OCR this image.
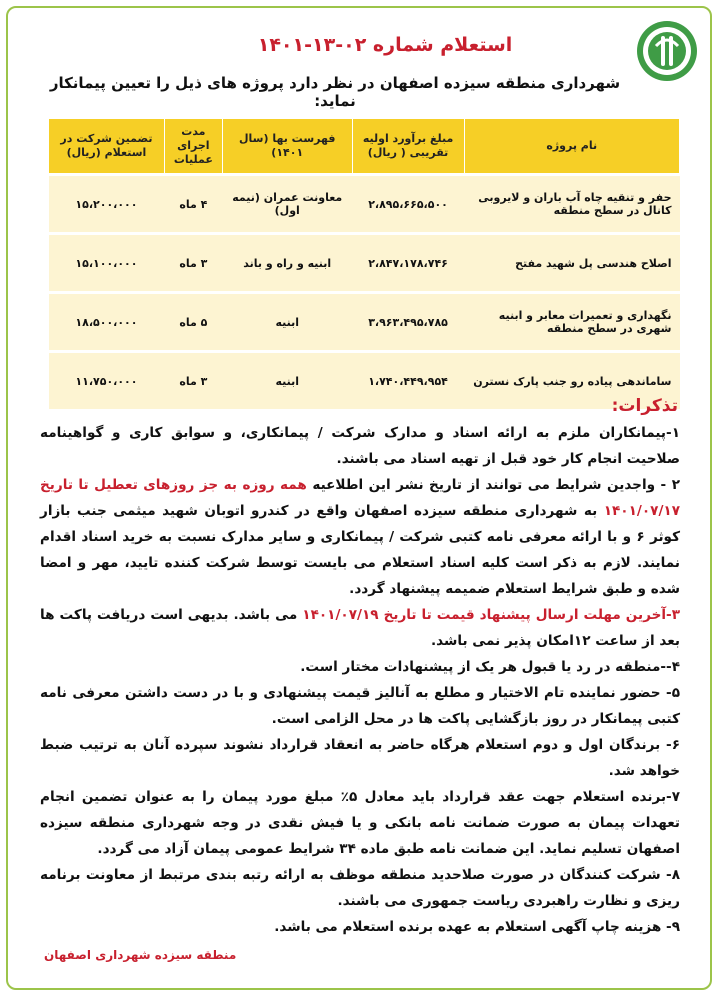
استعلام شماره ۰۲-۱۳-۱۴۰۱
شهرداری منطقه سیزده اصفهان در نظر دارد پروژه های ذیل را تعیین پیمانکار نماید:
نام پروژه	مبلغ برآورد اولیه تقریبی ( ریال)	فهرست بها (سال ۱۴۰۱)	مدت اجرای عملیات	تضمین شرکت در استعلام (ریال)
حفر و تنقیه چاه آب باران و لایروبی کانال در سطح منطقه	۲،۸۹۵،۶۶۵،۵۰۰	معاونت عمران (نیمه اول)	۴ ماه	۱۵،۲۰۰،۰۰۰
اصلاح هندسی پل شهید مفتح	۲،۸۴۷،۱۷۸،۷۴۶	ابنیه و راه و باند	۳ ماه	۱۵،۱۰۰،۰۰۰
نگهداری و تعمیرات معابر و ابنیه شهری در سطح منطقه	۳،۹۶۳،۴۹۵،۷۸۵	ابنیه	۵ ماه	۱۸،۵۰۰،۰۰۰
ساماندهی پیاده رو جنب پارک نسترن	۱،۷۴۰،۴۴۹،۹۵۴	ابنیه	۳ ماه	۱۱،۷۵۰،۰۰۰
تذکرات:

۱-پیمانکاران ملزم به ارائه اسناد و مدارک شرکت / پیمانکاری، و سوابق کاری و گواهینامه صلاحیت انجام کار خود قبل از تهیه اسناد می باشند.

۲ - واجدین شرایط می توانند از تاریخ نشر این اطلاعیه همه روزه به جز روزهای تعطیل تا تاریخ ۱۴۰۱/۰۷/۱۷ به شهرداری منطقه سیزده اصفهان واقع در کندرو اتوبان شهید میثمی جنب بازار کوثر ۶ و با ارائه معرفی نامه کتبی شرکت / پیمانکاری و سایر مدارک نسبت به خرید اسناد اقدام نمایند. لازم به ذکر است کلیه اسناد استعلام می بایست توسط شرکت کننده تایید، مهر و امضا شده و طبق شرایط استعلام ضمیمه پیشنهاد گردد.

۳-آخرین مهلت ارسال پیشنهاد قیمت تا تاریخ ۱۴۰۱/۰۷/۱۹ می باشد. بدیهی است دریافت پاکت ها بعد از ساعت ۱۲امکان پذیر نمی باشد.

۴--منطقه در رد یا قبول هر یک از پیشنهادات مختار است.

۵- حضور نماینده تام الاختیار و مطلع به آنالیز قیمت پیشنهادی و با در دست داشتن معرفی نامه کتبی پیمانکار در روز بازگشایی پاکت ها در محل الزامی است.

۶- برندگان اول و دوم استعلام هرگاه حاضر به انعقاد قرارداد نشوند سپرده آنان به ترتیب ضبط خواهد شد.

۷-برنده استعلام جهت عقد قرارداد باید معادل ۵٪ مبلغ مورد پیمان را به عنوان تضمین انجام تعهدات پیمان به صورت ضمانت نامه بانکی و یا فیش نقدی در وجه شهرداری منطقه سیزده اصفهان تسلیم نماید. این ضمانت نامه طبق ماده ۳۴ شرایط عمومی پیمان آزاد می گردد.

۸- شرکت کنندگان در صورت صلاحدید منطقه موظف به ارائه رتبه بندی مرتبط از معاونت برنامه ریزی و نظارت راهبردی ریاست جمهوری می باشند.

۹- هزینه چاپ آگهی استعلام به عهده برنده استعلام می باشد.

منطقه سیزده شهرداری اصفهان
